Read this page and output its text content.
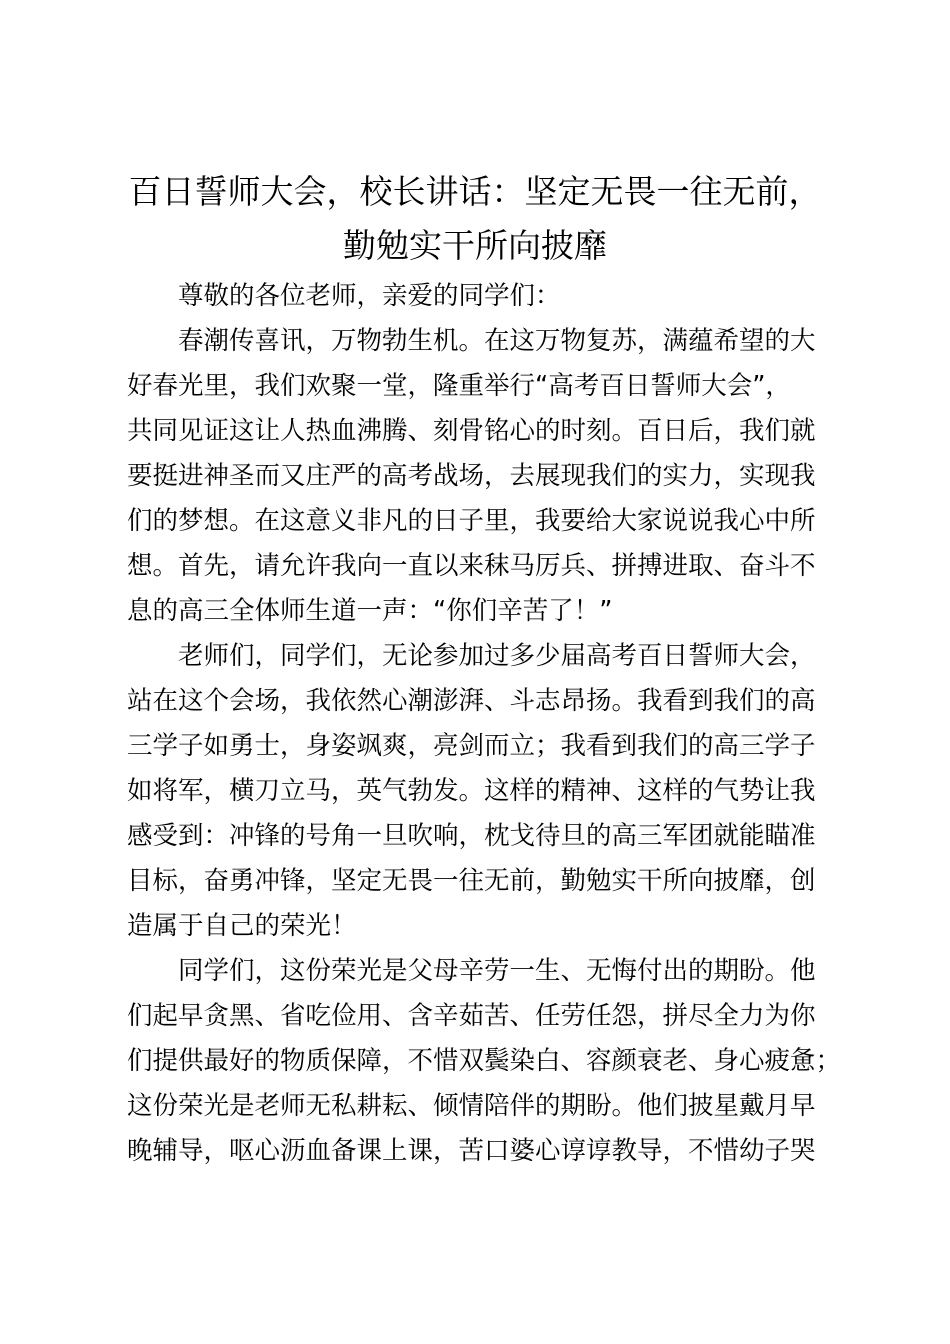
百日誓师大会，校长讲话：坚定无畏一往无前，
勤勉实干所向披靡
尊敬的各位老师，亲爱的同学们：
春潮传喜讯，万物勃生机。在这万物复苏，满蕴希望的大
好春光里，我们欢聚一堂，隆重举行“高考百日誓师大会”，
共同见证这让人热血沸腾、刻骨铭心的时刻。百日后，我们就
要挺进神圣而又庄严的高考战场，去展现我们的实力，实现我
们的梦想。在这意义非凡的日子里，我要给大家说说我心中所
想。首先，请允许我向一直以来秣马厉兵、拼搏进取、奋斗不
息的高三全体师生道一声：“你们辛苦了！”
老师们，同学们，无论参加过多少届高考百日誓师大会，
站在这个会场，我依然心潮澎湃、斗志昂扬。我看到我们的高
三学子如勇士，身姿飒爽，亮剑而立；我看到我们的高三学子
如将军，横刀立马，英气勃发。这样的精神、这样的气势让我
感受到：冲锋的号角一旦吹响，枕戈待旦的高三军团就能瞄准
目标，奋勇冲锋，坚定无畏一往无前，勤勉实干所向披靡，创
造属于自己的荣光！
同学们，这份荣光是父母辛劳一生、无悔付出的期盼。他
们起早贪黑、省吃俭用、含辛茹苦、任劳任怨，拼尽全力为你
们提供最好的物质保障，不惜双鬓染白、容颜衰老、身心疲惫；
这份荣光是老师无私耕耘、倾情陪伴的期盼。他们披星戴月早
晚辅导，呕心沥血备课上课，苦口婆心谆谆教导，不惜幼子哭
